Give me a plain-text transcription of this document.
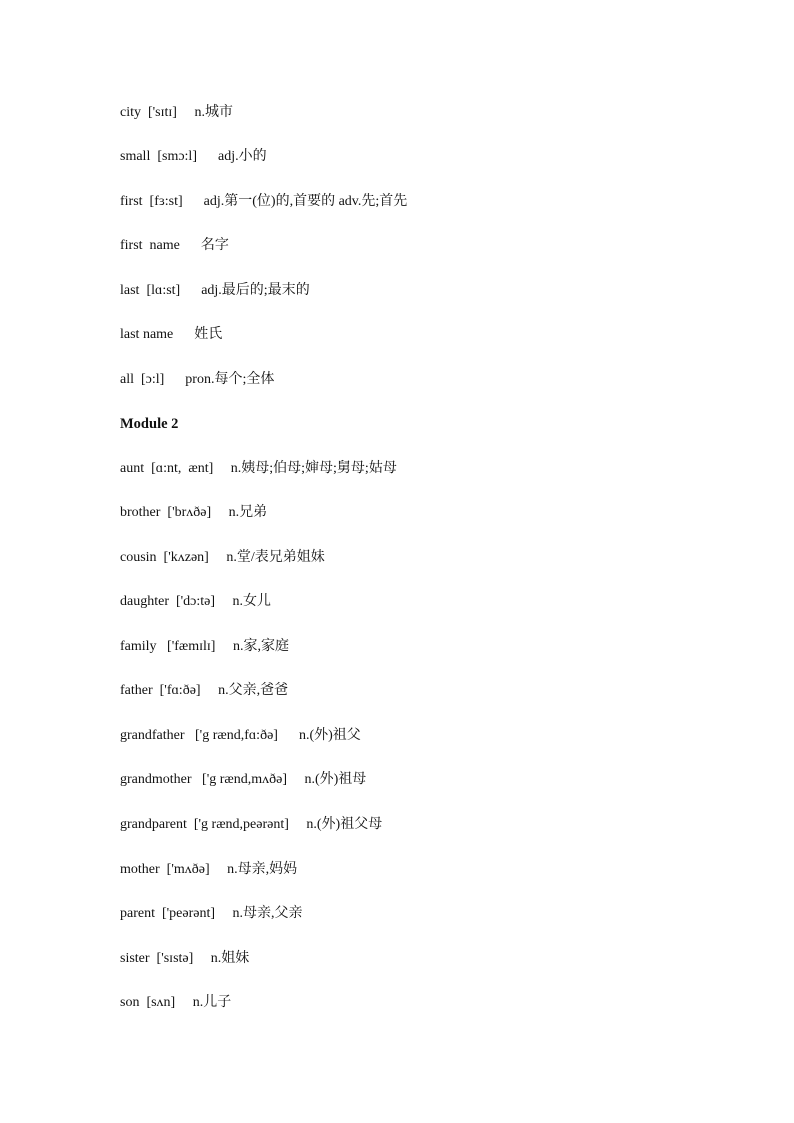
city  ['sɪtɪ]     n.城市
small  [smɔ:l]      adj.小的
first  [fɜ:st]      adj.第一(位)的,首要的 adv.先;首先
first  name      名字
last  [lɑ:st]      adj.最后的;最末的
last name      姓氏
all  [ɔ:l]      pron.每个;全体
Module 2
aunt  [ɑ:nt,  ænt]     n.姨母;伯母;婶母;舅母;姑母
brother  ['brʌðə]     n.兄弟
cousin  ['kʌzən]     n.堂/表兄弟姐妹
daughter  ['dɔ:tə]     n.女儿
family   ['fæmɪlɪ]     n.家,家庭
father  ['fɑ:ðə]     n.父亲,爸爸
grandfather   ['g rænd,fɑ:ðə]      n.(外)祖父
grandmother   ['g rænd,mʌðə]     n.(外)祖母
grandparent  ['g rænd,peərənt]     n.(外)祖父母
mother  ['mʌðə]     n.母亲,妈妈
parent  ['peərənt]     n.母亲,父亲
sister  ['sɪstə]     n.姐妹
son  [sʌn]     n.儿子
